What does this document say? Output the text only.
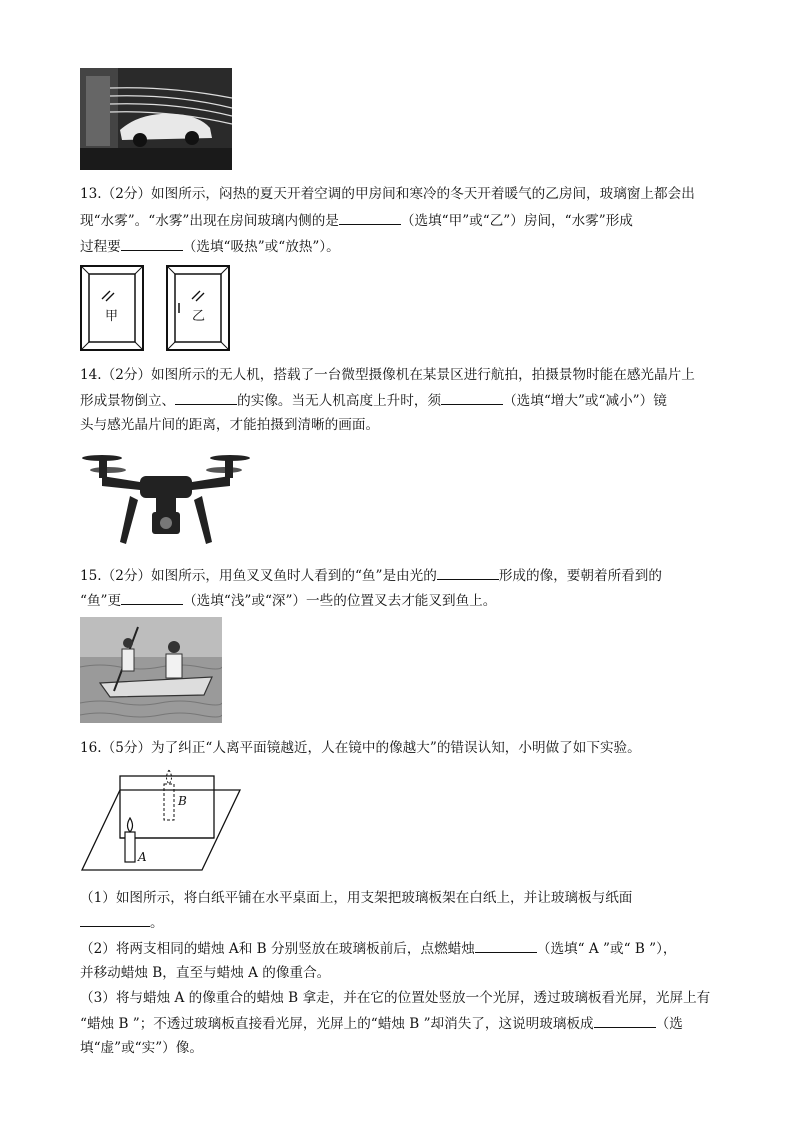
13.（2分）如图所示，闷热的夏天开着空调的甲房间和寒冷的冬天开着暖气的乙房间，玻璃窗上都会出
现“水雾”。“水雾”出现在房间玻璃内侧的是	（选填“甲”或“乙”）房间，“水雾”形成
过程要	（选填“吸热”或“放热”）。
甲	乙
14.（2分）如图所示的无人机，搭载了一台微型摄像机在某景区进行航拍，拍摄景物时能在感光晶片上
形成景物倒立、	的实像。当无人机高度上升时，须	（选填“增大”或“减小”）镜
头与感光晶片间的距离，才能拍摄到清晰的画面。
15.（2分）如图所示，用鱼叉叉鱼时人看到的“鱼”是由光的	形成的像，要朝着所看到的
“鱼”更	（选填“浅”或“深”）一些的位置叉去才能叉到鱼上。
16.（5分）为了纠正“人离平面镜越近，人在镜中的像越大”的错误认知，小明做了如下实验。
B
A
（1）如图所示，将白纸平铺在水平桌面上，用支架把玻璃板架在白纸上，并让玻璃板与纸面
。
（2）将两支相同的蜡烛 A和 B 分别竖放在玻璃板前后，点燃蜡烛	（选填“ A ”或“ B ”），
并移动蜡烛 B，直至与蜡烛 A 的像重合。
（3）将与蜡烛 A 的像重合的蜡烛 B 拿走，并在它的位置处竖放一个光屏，透过玻璃板看光屏，光屏上有
“蜡烛 B ”；不透过玻璃板直接看光屏，光屏上的“蜡烛 B ”却消失了，这说明玻璃板成	（选
填“虚”或“实”）像。
